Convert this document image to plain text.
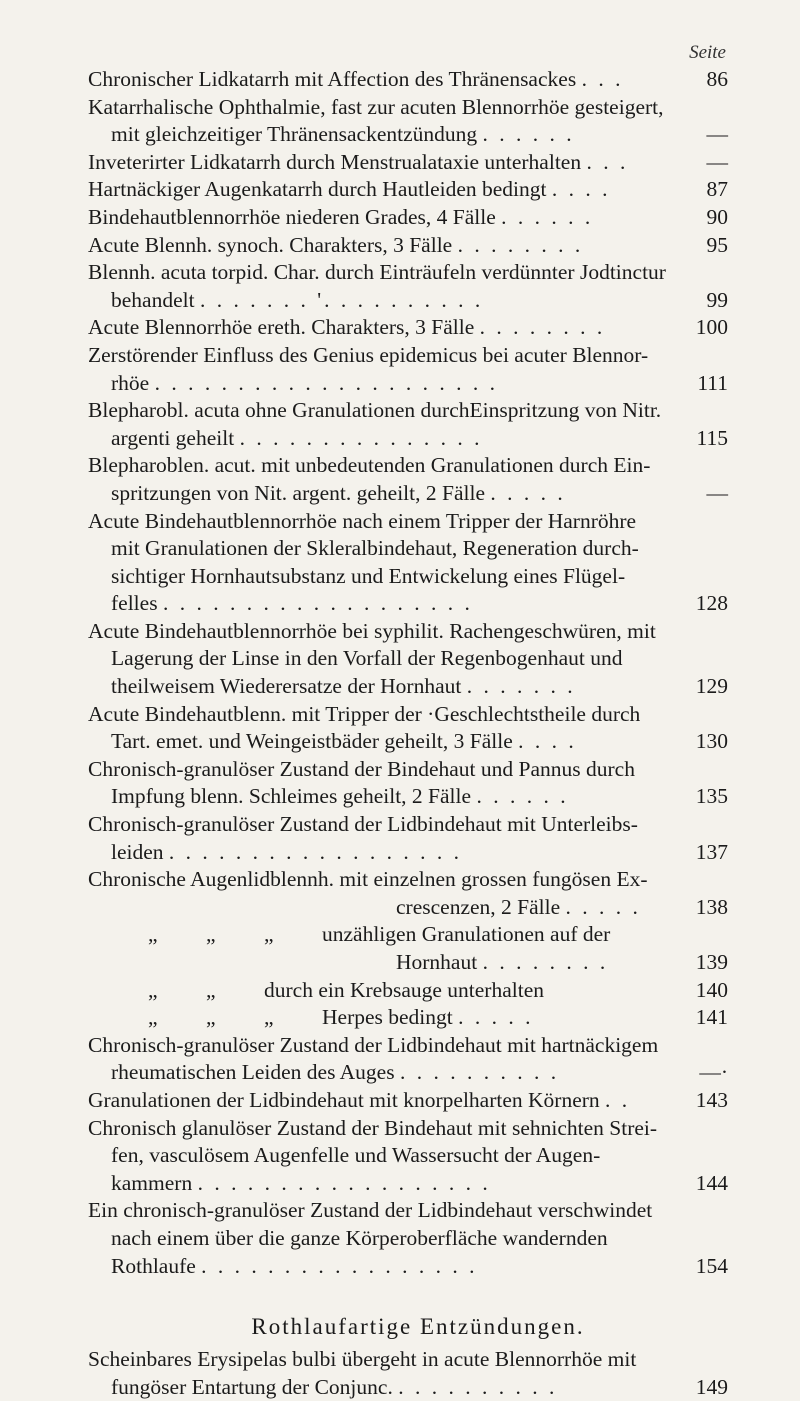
Seite
Chronischer Lidkatarrh mit Affection des Thränensackes . . .	86
Katarrhalische Ophthalmie, fast zur acuten Blennorrhöe gesteigert,
mit gleichzeitiger Thränensackentzündung . . . . . .	—
Inveterirter Lidkatarrh durch Menstrualataxie unterhalten . . .	—
Hartnäckiger Augenkatarrh durch Hautleiden bedingt . . . .	87
Bindehautblennorrhöe niederen Grades, 4 Fälle . . . . . .	90
Acute Blennh. synoch. Charakters, 3 Fälle . . . . . . . .	95
Blennh. acuta torpid. Char. durch Einträufeln verdünnter Jodtinctur
behandelt . . . . . . . '. . . . . . . . . .	99
Acute Blennorrhöe ereth. Charakters, 3 Fälle . . . . . . . .	100
Zerstörender Einfluss des Genius epidemicus bei acuter Blennor-
rhöe . . . . . . . . . . . . . . . . . . . . .	111
Blepharobl. acuta ohne Granulationen durchEinspritzung von Nitr.
argenti geheilt . . . . . . . . . . . . . . .	115
Blepharoblen. acut. mit unbedeutenden Granulationen durch Ein-
spritzungen von Nit. argent. geheilt, 2 Fälle . . . . .	—
Acute Bindehautblennorrhöe nach einem Tripper der Harnröhre
mit Granulationen der Skleralbindehaut, Regeneration durch-
sichtiger Hornhautsubstanz und Entwickelung eines Flügel-
felles . . . . . . . . . . . . . . . . . . .	128
Acute Bindehautblennorrhöe bei syphilit. Rachengeschwüren, mit
Lagerung der Linse in den Vorfall der Regenbogenhaut und
theilweisem Wiederersatze der Hornhaut . . . . . . .	129
Acute Bindehautblenn. mit Tripper der ·Geschlechtstheile durch
Tart. emet. und Weingeistbäder geheilt, 3 Fälle . . . .	130
Chronisch-granulöser Zustand der Bindehaut und Pannus durch
Impfung blenn. Schleimes geheilt, 2 Fälle . . . . . .	135
Chronisch-granulöser Zustand der Lidbindehaut mit Unterleibs-
leiden . . . . . . . . . . . . . . . . . .	137
Chronische Augenlidblennh. mit einzelnen grossen fungösen Ex-
crescenzen, 2 Fälle . . . . .	138
„ „ „ unzähligen Granulationen auf der
Hornhaut . . . . . . . .	139
„ „ durch ein Krebsauge unterhalten	140
„ „ „ Herpes bedingt . . . . .	141
Chronisch-granulöser Zustand der Lidbindehaut mit hartnäckigem
rheumatischen Leiden des Auges . . . . . . . . . .	—·
Granulationen der Lidbindehaut mit knorpelharten Körnern . .	143
Chronisch glanulöser Zustand der Bindehaut mit sehnichten Strei-
fen, vasculösem Augenfelle und Wassersucht der Augen-
kammern . . . . . . . . . . . . . . . . . .	144
Ein chronisch-granulöser Zustand der Lidbindehaut verschwindet
nach einem über die ganze Körperoberfläche wandernden
Rothlaufe . . . . . . . . . . . . . . . . .	154
Rothlaufartige Entzündungen.
Scheinbares Erysipelas bulbi übergeht in acute Blennorrhöe mit
fungöser Entartung der Conjunc. . . . . . . . . . .	149
